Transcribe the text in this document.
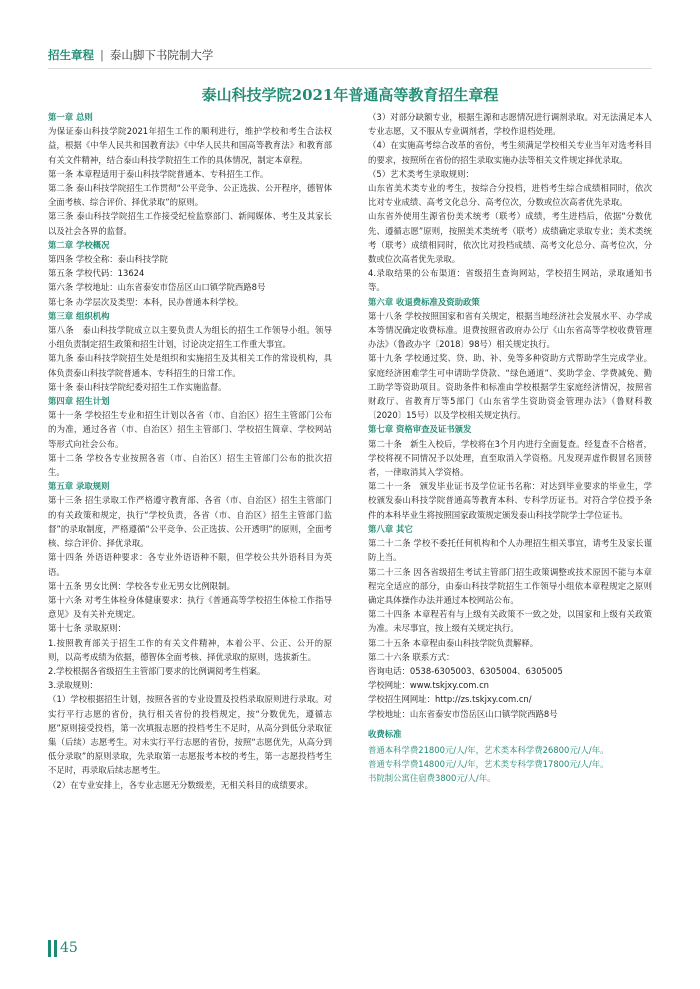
招生章程 | 泰山脚下书院制大学
泰山科技学院2021年普通高等教育招生章程

第一章 总则

为保证泰山科技学院2021年招生工作的顺利进行，维护学校和考生合法权益，根据《中华人民共和国教育法》《中华人民共和国高等教育法》和教育部有关文件精神，结合泰山科技学院招生工作的具体情况，制定本章程。

第一条 本章程适用于泰山科技学院普通本、专科招生工作。

第二条 泰山科技学院招生工作贯彻“公平竞争、公正选拔、公开程序，德智体全面考核、综合评价、择优录取”的原则。

第三条 泰山科技学院招生工作接受纪检监察部门、新闻媒体、考生及其家长以及社会各界的监督。

第二章 学校概况

第四条 学校全称：泰山科技学院

第五条 学校代码：13624

第六条 学校地址：山东省泰安市岱岳区山口镇学院西路8号

第七条 办学层次及类型：本科，民办普通本科学校。

第三章 组织机构

第八条　泰山科技学院成立以主要负责人为组长的招生工作领导小组。领导小组负责制定招生政策和招生计划，讨论决定招生工作重大事宜。

第九条 泰山科技学院招生处是组织和实施招生及其相关工作的常设机构，具体负责泰山科技学院普通本、专科招生的日常工作。

第十条 泰山科技学院纪委对招生工作实施监督。

第四章 招生计划

第十一条 学校招生专业和招生计划以各省（市、自治区）招生主管部门公布的为准，通过各省（市、自治区）招生主管部门、学校招生简章、学校网站等形式向社会公布。

第十二条 学校各专业按照各省（市、自治区）招生主管部门公布的批次招生。

第五章 录取规则

第十三条 招生录取工作严格遵守教育部、各省（市、自治区）招生主管部门的有关政策和规定，执行“学校负责，各省（市、自治区）招生主管部门监督”的录取制度，严格遵循“公平竞争、公正选拔、公开透明”的原则，全面考核、综合评价、择优录取。

第十四条 外语语种要求：各专业外语语种不限，但学校公共外语科目为英语。

第十五条 男女比例：学校各专业无男女比例限制。

第十六条 对考生体检身体健康要求：执行《普通高等学校招生体检工作指导意见》及有关补充规定。

第十七条 录取原则：

1.按照教育部关于招生工作的有关文件精神，本着公平、公正、公开的原则，以高考成绩为依据，德智体全面考核、择优录取的原则，选拔新生。

2.学校根据各省级招生主管部门要求的比例调阅考生档案。

3.录取规则：

（1）学校根据招生计划，按照各省的专业设置及投档录取原则进行录取。对实行平行志愿的省份，执行相关省份的投档规定，按“分数优先，遵循志愿”原则接受投档，第一次填报志愿的投档考生不足时，从高分到低分录取征集（后续）志愿考生。对未实行平行志愿的省份，按照“志愿优先，从高分到低分录取”的原则录取，先录取第一志愿报考本校的考生，第一志愿投档考生不足时，再录取后续志愿考生。

（2）在专业安排上，各专业志愿无分数级差，无相关科目的成绩要求。

（3）对部分缺额专业，根据生源和志愿情况进行调剂录取。对无法满足本人专业志愿，又不服从专业调剂者，学校作退档处理。

（4）在实施高考综合改革的省份，考生须满足学校相关专业当年对选考科目的要求，按照所在省份的招生录取实施办法等相关文件规定择优录取。

（5）艺术类考生录取规则：

山东省美术类专业的考生，按综合分投档，进档考生综合成绩相同时，依次比对专业成绩、高考文化总分、高考位次，分数或位次高者优先录取。

山东省外使用生源省份美术统考（联考）成绩，考生进档后，依据“分数优先、遵循志愿”原则，按照美术类统考（联考）成绩确定录取专业；美术类统考（联考）成绩相同时，依次比对投档成绩、高考文化总分、高考位次，分数或位次高者优先录取。

4.录取结果的公布渠道：省级招生查询网站，学校招生网站，录取通知书等。

第六章 收退费标准及资助政策

第十八条 学校按照国家和省有关规定，根据当地经济社会发展水平、办学成本等情况确定收费标准。退费按照省政府办公厅《山东省高等学校收费管理办法》（鲁政办字〔2018〕98号）相关规定执行。

第十九条 学校通过奖、贷、助、补、免等多种资助方式帮助学生完成学业。家庭经济困难学生可申请助学贷款、“绿色通道”、奖助学金、学费减免、勤工助学等资助项目。资助条件和标准由学校根据学生家庭经济情况，按照省财政厅、省教育厅等5部门《山东省学生资助资金管理办法》（鲁财科教〔2020〕15号）以及学校相关规定执行。

第七章 资格审查及证书颁发

第二十条　新生入校后，学校将在3个月内进行全面复查。经复查不合格者，学校将视不同情况予以处理，直至取消入学资格。凡发现弄虚作假冒名顶替者，一律取消其入学资格。

第二十一条　颁发毕业证书及学位证书名称：对达到毕业要求的毕业生，学校颁发泰山科技学院普通高等教育本科、专科学历证书。对符合学位授予条件的本科毕业生将按照国家政策规定颁发泰山科技学院学士学位证书。

第八章 其它

第二十二条 学校不委托任何机构和个人办理招生相关事宜，请考生及家长谨防上当。

第二十三条 因各省级招生考试主管部门招生政策调整或技术原因不能与本章程完全适应的部分，由泰山科技学院招生工作领导小组依本章程规定之原则确定具体操作办法并通过本校网站公布。

第二十四条 本章程若有与上级有关政策不一致之处，以国家和上级有关政策为准。未尽事宜，按上级有关规定执行。

第二十五条 本章程由泰山科技学院负责解释。

第二十六条 联系方式：

咨询电话：0538-6305003、6305004、6305005

学校网址：www.tskjxy.com.cn

学校招生网网址：http://zs.tskjxy.com.cn/

学校地址：山东省泰安市岱岳区山口镇学院西路8号

收费标准

普通本科学费21800元/人/年，艺术类本科学费26800元/人/年。

普通专科学费14800元/人/年，艺术类专科学费17800元/人/年。

书院制公寓住宿费3800元/人/年。

45
